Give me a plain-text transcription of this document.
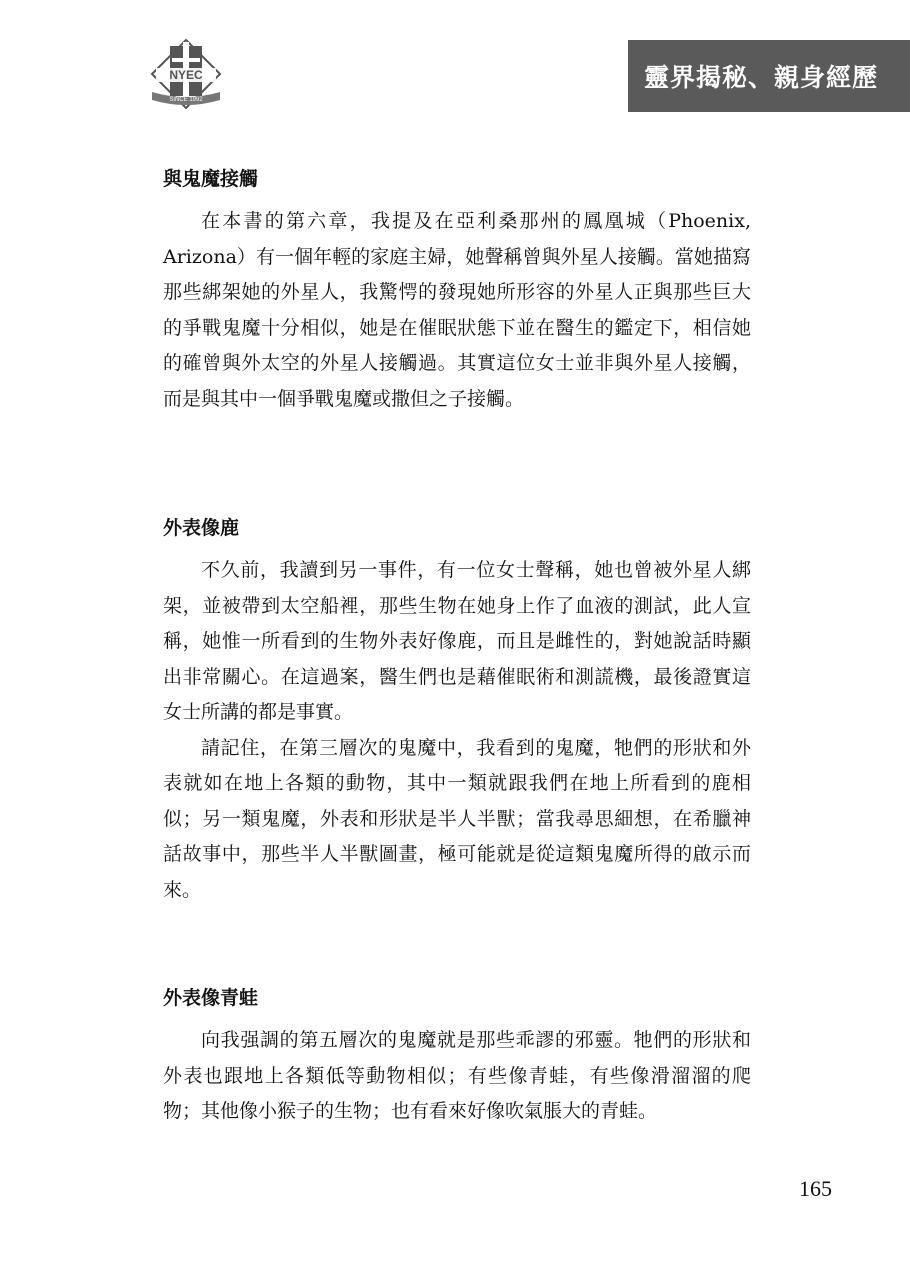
NYEC
SINCE 1992
靈界揭秘、親身經歷
與鬼魔接觸

在本書的第六章，我提及在亞利桑那州的鳳凰城（Phoenix, Arizona）有一個年輕的家庭主婦，她聲稱曾與外星人接觸。當她描寫那些綁架她的外星人，我驚愕的發現她所形容的外星人正與那些巨大的爭戰鬼魔十分相似，她是在催眠狀態下並在醫生的鑑定下，相信她的確曾與外太空的外星人接觸過。其實這位女士並非與外星人接觸，而是與其中一個爭戰鬼魔或撒但之子接觸。

外表像鹿

不久前，我讀到另一事件，有一位女士聲稱，她也曾被外星人綁架，並被帶到太空船裡，那些生物在她身上作了血液的測試，此人宣稱，她惟一所看到的生物外表好像鹿，而且是雌性的，對她說話時顯出非常關心。在這過案，醫生們也是藉催眠術和測謊機，最後證實這女士所講的都是事實。

請記住，在第三層次的鬼魔中，我看到的鬼魔，牠們的形狀和外表就如在地上各類的動物，其中一類就跟我們在地上所看到的鹿相似；另一類鬼魔，外表和形狀是半人半獸；當我尋思細想，在希臘神話故事中，那些半人半獸圖畫，極可能就是從這類鬼魔所得的啟示而來。

外表像青蛙

向我强調的第五層次的鬼魔就是那些乖謬的邪靈。牠們的形狀和外表也跟地上各類低等動物相似；有些像青蛙，有些像滑溜溜的爬物；其他像小猴子的生物；也有看來好像吹氣脹大的青蛙。

165
